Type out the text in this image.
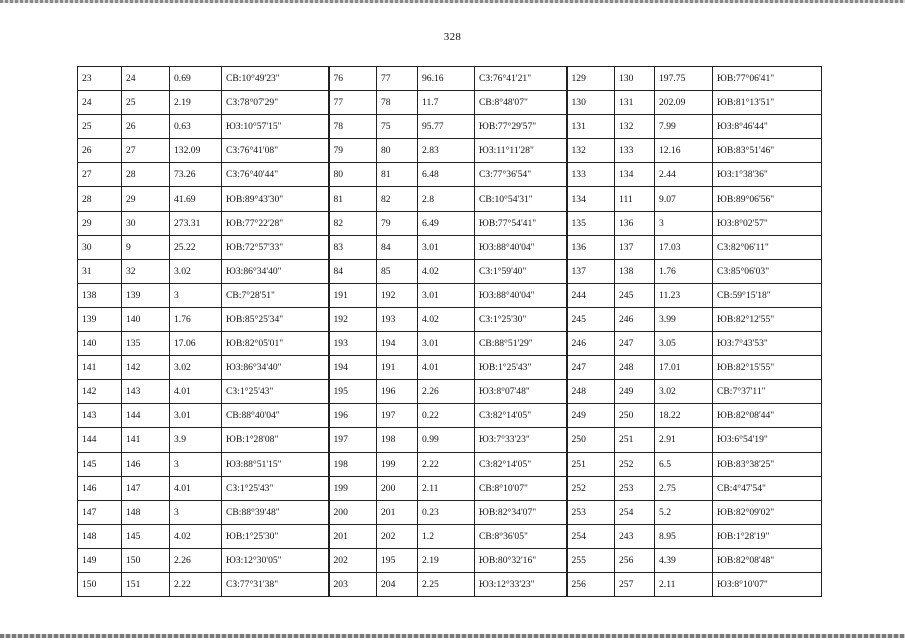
328
23	24	0.69	СВ:10°49'23"	76	77	96.16	СЗ:76°41'21"	129	130	197.75	ЮВ:77°06'41"
24	25	2.19	СЗ:78°07'29"	77	78	11.7	СВ:8°48'07"	130	131	202.09	ЮВ:81°13'51"
25	26	0.63	ЮЗ:10°57'15"	78	75	95.77	ЮВ:77°29'57"	131	132	7.99	ЮЗ:8°46'44"
26	27	132.09	СЗ:76°41'08"	79	80	2.83	ЮЗ:11°11'28"	132	133	12.16	ЮВ:83°51'46"
27	28	73.26	СЗ:76°40'44"	80	81	6.48	СЗ:77°36'54"	133	134	2.44	ЮЗ:1°38'36"
28	29	41.69	ЮВ:89°43'30"	81	82	2.8	СВ:10°54'31"	134	111	9.07	ЮВ:89°06'56"
29	30	273.31	ЮВ:77°22'28"	82	79	6.49	ЮВ:77°54'41"	135	136	3	ЮЗ:8°02'57"
30	9	25.22	ЮВ:72°57'33"	83	84	3.01	ЮЗ:88°40'04"	136	137	17.03	СЗ:82°06'11"
31	32	3.02	ЮЗ:86°34'40"	84	85	4.02	СЗ:1°59'40"	137	138	1.76	СЗ:85°06'03"
138	139	3	СВ:7°28'51"	191	192	3.01	ЮЗ:88°40'04"	244	245	11.23	СВ:59°15'18"
139	140	1.76	ЮВ:85°25'34"	192	193	4.02	СЗ:1°25'30"	245	246	3.99	ЮВ:82°12'55"
140	135	17.06	ЮВ:82°05'01"	193	194	3.01	СВ:88°51'29"	246	247	3.05	ЮЗ:7°43'53"
141	142	3.02	ЮЗ:86°34'40"	194	191	4.01	ЮВ:1°25'43"	247	248	17.01	ЮВ:82°15'55"
142	143	4.01	СЗ:1°25'43"	195	196	2.26	ЮЗ:8°07'48"	248	249	3.02	СВ:7°37'11"
143	144	3.01	СВ:88°40'04"	196	197	0.22	СЗ:82°14'05"	249	250	18.22	ЮВ:82°08'44"
144	141	3.9	ЮВ:1°28'08"	197	198	0.99	ЮЗ:7°33'23"	250	251	2.91	ЮЗ:6°54'19"
145	146	3	ЮЗ:88°51'15"	198	199	2.22	СЗ:82°14'05"	251	252	6.5	ЮВ:83°38'25"
146	147	4.01	СЗ:1°25'43"	199	200	2.11	СВ:8°10'07"	252	253	2.75	СВ:4°47'54"
147	148	3	СВ:88°39'48"	200	201	0.23	ЮВ:82°34'07"	253	254	5.2	ЮВ:82°09'02"
148	145	4.02	ЮВ:1°25'30"	201	202	1.2	СВ:8°36'05"	254	243	8.95	ЮВ:1°28'19"
149	150	2.26	ЮЗ:12°30'05"	202	195	2.19	ЮВ:80°32'16"	255	256	4.39	ЮВ:82°08'48"
150	151	2.22	СЗ:77°31'38"	203	204	2.25	ЮЗ:12°33'23"	256	257	2.11	ЮЗ:8°10'07"
